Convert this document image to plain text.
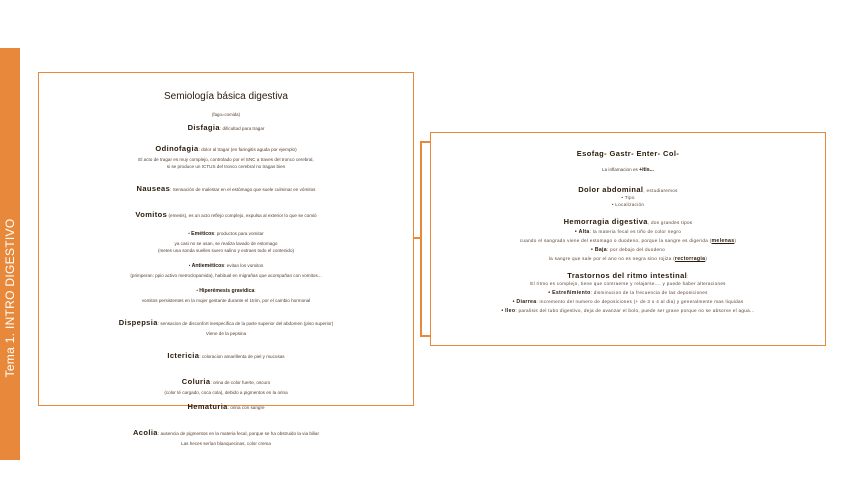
Tema 1. INTRO DIGESTIVO
Semiología básica digestiva
(fago=comida)
Disfagia: dificultad para tragar
Odinofagia: dolor al tragar (en faringitis aguda por ejemplo)
El acto de tragar es muy complejo, controlado por el SNC a traves del tronco cerebral,
si se produce un ICTUS del tronco cerebral no tragas bien
Nauseas: Sensación de malestar en el estómago que suele culminar en vómitos
Vomitos (emesis), es un acto reflejo complejo, expulsa al exterior lo que se comió
• Eméticos: productos para vomitar
ya casi no se usan, se realiza lavado de estomago
(metes una sonda suelles suero salino y extraes todo el contenido)
• Antieméticos: evitan los vomitos
(primperan: ppio activo metroclopamida), habitual en migrañas que acompañan con vomitos...
• Hiperémesis gravídica:
vomitos persistentes en la mujer gestante durante el 1trim, por el cambio hormonal
Dispepsia: sensacion de disconfort inespecifica de la parte superior del abdomen (piso superior)
Viene de la pepsina
Ictericia: coloracion amarillenta de piel y mucosas
Coluria: orina de color fuerte, oscuro
(color té cargado, coca cola), debido a pigmentos en la orina
Hematuria: orina con sangre
Acolia: ausencia de pigmentos en la materia fecal, porque se ha obstruido la via biliar
Las heces serían blanquecinas, color crema
Esofag- Gastr- Enter- Col-
La inflamacion es +itis...
Dolor abdominal, estudiaremos
• Tipo
• Localización
Hemorragia digestiva, dos grandes tipos
• Alta: la materia fecal es tiño de color negro
cuando el sangrado viene del estomago o duodeno, porque la sangre es digerida (melenas)
• Baja: por debajo del duodeno
la sangre que sale por el ano no es negra sino rojiza (rectorragia)
Trastornos del ritmo intestinal:
El ritmo es complejo, tiene que contraerse y relajarse.... y puede haber alteraciones
• Estreñimiento: disminucion de la frecuencia de las deposiciones
• Diarrea: incremento del numero de deposiciones (+ de 3 o 4 al dia) y generalmente mas liquidas
• Ileo: paralisis del tubo digestivo, deja de avanzar el bolo, puede ser grave porque no se absorve el agua...
